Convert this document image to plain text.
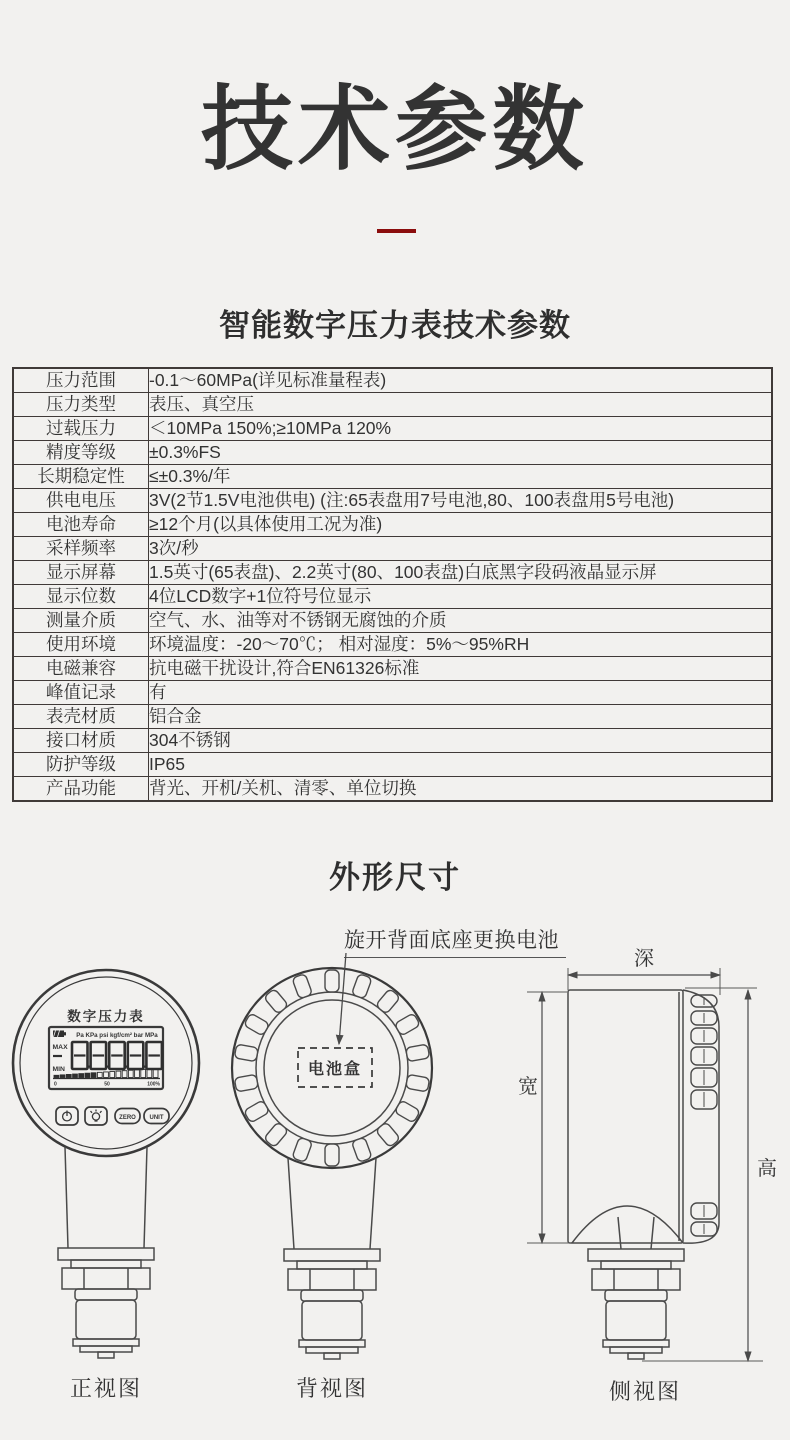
技术参数
智能数字压力表技术参数
压力范围	-0.1～60MPa(详见标准量程表)
压力类型	表压、真空压
过载压力	＜10MPa 150%;≥10MPa 120%
精度等级	±0.3%FS
长期稳定性	≤±0.3%/年
供电电压	3V(2节1.5V电池供电) (注:65表盘用7号电池,80、100表盘用5号电池)
电池寿命	≥12个月(以具体使用工况为准)
采样频率	3次/秒
显示屏幕	1.5英寸(65表盘)、2.2英寸(80、100表盘)白底黑字段码液晶显示屏
显示位数	4位LCD数字+1位符号位显示
测量介质	空气、水、油等对不锈钢无腐蚀的介质
使用环境	环境温度：-20～70℃； 相对湿度：5%～95%RH
电磁兼容	抗电磁干扰设计,符合EN61326标准
峰值记录	有
表壳材质	铝合金
接口材质	304不锈钢
防护等级	IP65
产品功能	背光、开机/关机、清零、单位切换
外形尺寸
旋开背面底座更换电池
数字压力表
Pa KPa psi kgf/cm² bar MPa
MAX
MIN
0	50	100%
ZERO UNIT
电池盒
深
宽
高
正视图	背视图	侧视图
